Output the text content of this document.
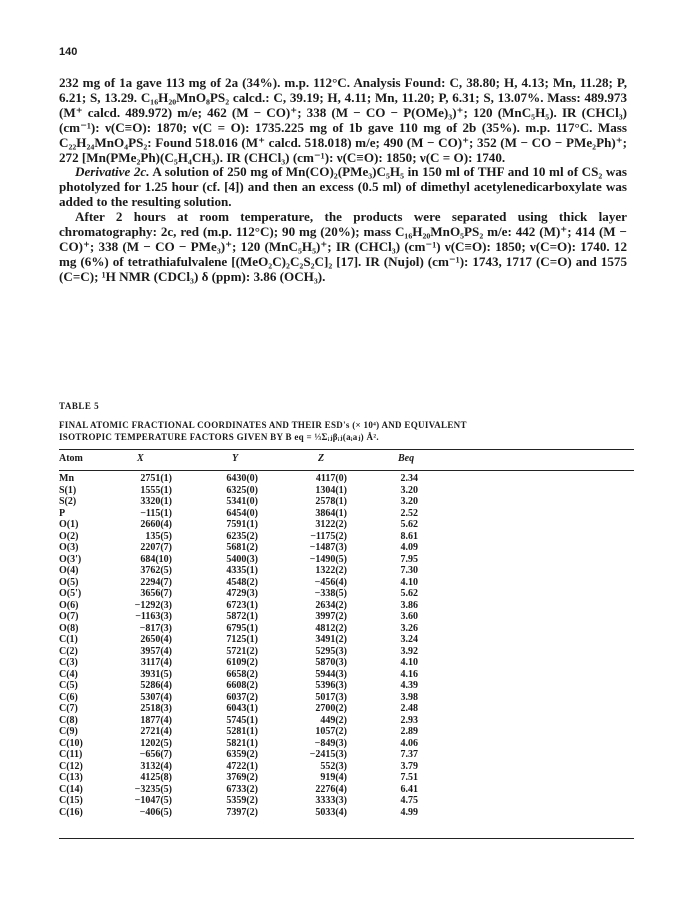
140

232 mg of 1a gave 113 mg of 2a (34%). m.p. 112°C. Analysis Found: C, 38.80; H, 4.13; Mn, 11.28; P, 6.21; S, 13.29. C₁₆H₂₀MnO₈PS₂ calcd.: C, 39.19; H, 4.11; Mn, 11.20; P, 6.31; S, 13.07%. Mass: 489.973 (M⁺ calcd. 489.972) m/e; 462 (M − CO)⁺; 338 (M − CO − P(OMe)₃)⁺; 120 (MnC₅H₅). IR (CHCl₃) (cm⁻¹): ν(C≡O): 1870; ν(C = O): 1735.225 mg of 1b gave 110 mg of 2b (35%). m.p. 117°C. Mass C₂₂H₂₄MnO₄PS₂: Found 518.016 (M⁺ calcd. 518.018) m/e; 490 (M − CO)⁺; 352 (M − CO − PMe₂Ph)⁺; 272 [Mn(PMe₂Ph)(C₅H₄CH₃). IR (CHCl₃) (cm⁻¹): ν(C≡O): 1850; ν(C = O): 1740.

Derivative 2c. A solution of 250 mg of Mn(CO)₂(PMe₃)C₅H₅ in 150 ml of THF and 10 ml of CS₂ was photolyzed for 1.25 hour (cf. [4]) and then an excess (0.5 ml) of dimethyl acetylenedicarboxylate was added to the resulting solution.

After 2 hours at room temperature, the products were separated using thick layer chromatography: 2c, red (m.p. 112°C); 90 mg (20%); mass C₁₆H₂₀MnO₅PS₂ m/e: 442 (M)⁺; 414 (M − CO)⁺; 338 (M − CO − PMe₃)⁺; 120 (MnC₅H₅)⁺; IR (CHCl₃) (cm⁻¹) ν(C≡O): 1850; ν(C=O): 1740. 12 mg (6%) of tetrathiafulvalene [(MeO₂C)₂C₂S₂C]₂ [17]. IR (Nujol) (cm⁻¹): 1743, 1717 (C=O) and 1575 (C=C); ¹H NMR (CDCl₃) δ (ppm): 3.86 (OCH₃).

TABLE 5
FINAL ATOMIC FRACTIONAL COORDINATES AND THEIR ESD's (× 10⁴) AND EQUIVALENT
ISOTROPIC TEMPERATURE FACTORS GIVEN BY B eq = ⅓Σᵢⱼβᵢⱼ(aᵢaⱼ) Å².
Atom	X	Y	Z	Beq
Mn	2751(1)	6430(0)	4117(0)	2.34
S(1)	1555(1)	6325(0)	1304(1)	3.20
S(2)	3320(1)	5341(0)	2578(1)	3.20
P	−115(1)	6454(0)	3864(1)	2.52
O(1)	2660(4)	7591(1)	3122(2)	5.62
O(2)	135(5)	6235(2)	−1175(2)	8.61
O(3)	2207(7)	5681(2)	−1487(3)	4.09
O(3')	684(10)	5400(3)	−1490(5)	7.95
O(4)	3762(5)	4335(1)	1322(2)	7.30
O(5)	2294(7)	4548(2)	−456(4)	4.10
O(5')	3656(7)	4729(3)	−338(5)	5.62
O(6)	−1292(3)	6723(1)	2634(2)	3.86
O(7)	−1163(3)	5872(1)	3997(2)	3.60
O(8)	−817(3)	6795(1)	4812(2)	3.26
C(1)	2650(4)	7125(1)	3491(2)	3.24
C(2)	3957(4)	5721(2)	5295(3)	3.92
C(3)	3117(4)	6109(2)	5870(3)	4.10
C(4)	3931(5)	6658(2)	5944(3)	4.16
C(5)	5286(4)	6608(2)	5396(3)	4.39
C(6)	5307(4)	6037(2)	5017(3)	3.98
C(7)	2518(3)	6043(1)	2700(2)	2.48
C(8)	1877(4)	5745(1)	449(2)	2.93
C(9)	2721(4)	5281(1)	1057(2)	2.89
C(10)	1202(5)	5821(1)	−849(3)	4.06
C(11)	−656(7)	6359(2)	−2415(3)	7.37
C(12)	3132(4)	4722(1)	552(3)	3.79
C(13)	4125(8)	3769(2)	919(4)	7.51
C(14)	−3235(5)	6733(2)	2276(4)	6.41
C(15)	−1047(5)	5359(2)	3333(3)	4.75
C(16)	−406(5)	7397(2)	5033(4)	4.99
